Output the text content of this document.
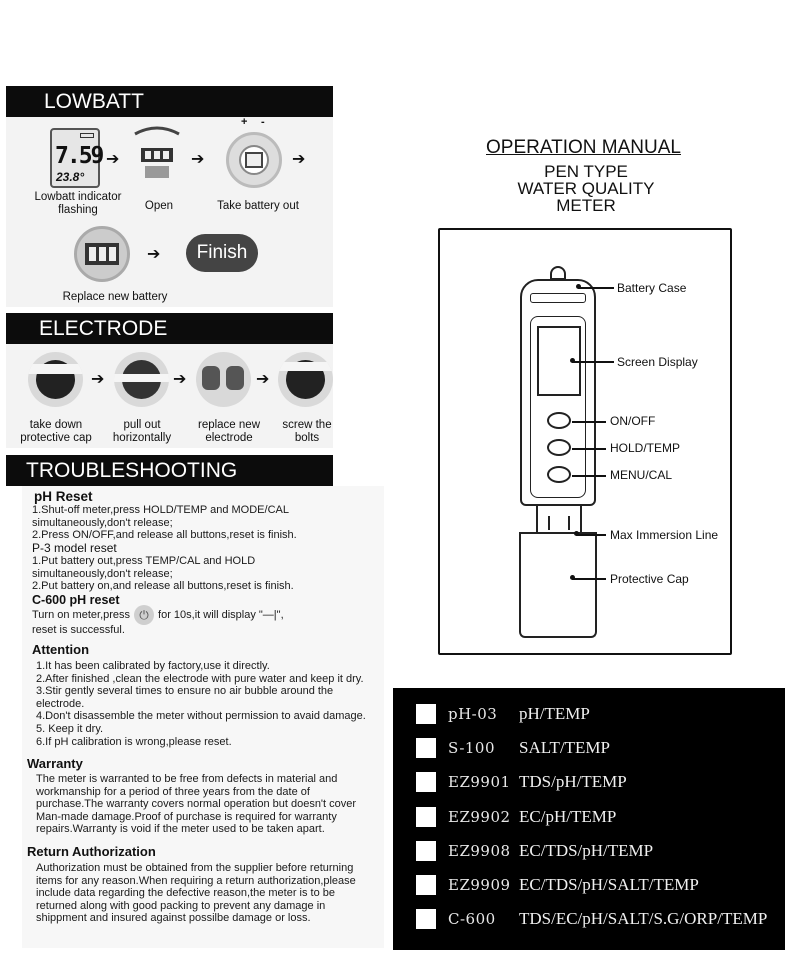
LOWBATT
7.59
23.8°
➔	➔
+ -
➔
Lowbatt indicator
flashing	Open	Take battery out
➔	Finish
Replace new battery
ELECTRODE
➔	➔	➔
take down
protective cap
pull out
horizontally
replace new
electrode
screw the
bolts
TROUBLESHOOTING
pH Reset
1.Shut-off meter,press HOLD/TEMP and MODE/CAL
simultaneously,don't release;
2.Press ON/OFF,and release all buttons,reset is finish.
P-3 model reset
1.Put battery out,press TEMP/CAL and HOLD
simultaneously,don't release;
2.Put battery on,and release all buttons,reset is finish.
C-600 pH reset
Turn on meter,press ⏻ for 10s,it will display "—|",
reset is successful.
Attention
1.It has been calibrated by factory,use it directly.
2.After finished ,clean the electrode with pure water and keep it dry.
3.Stir gently several times to ensure no air bubble around the
electrode.
4.Don't disassemble the meter without permission to avaid damage.
5. Keep it dry.
6.If pH calibration is wrong,please reset.
Warranty
The meter is warranted to be free from defects in material and
workmanship for a period of three years from the date of
purchase.The warranty covers normal operation but doesn't cover
Man-made damage.Proof of purchase is required for warranty
repairs.Warranty is void if the meter used to be taken apart.
Return Authorization
Authorization must be obtained from the supplier before returning
items for any reason.When requiring a return authorization,please
include data regarding the defective reason,the meter is to be
returned along with good packing to prevent any damage in
shippment and insured against possilbe damage or loss.
OPERATION MANUAL
PEN TYPE
WATER QUALITY
METER
Battery Case
Screen Display
ON/OFF
HOLD/TEMP
MENU/CAL
Max Immersion Line
Protective Cap
pH-03 pH/TEMP
S-100 SALT/TEMP
EZ9901 TDS/pH/TEMP
EZ9902 EC/pH/TEMP
EZ9908 EC/TDS/pH/TEMP
EZ9909 EC/TDS/pH/SALT/TEMP
C-600 TDS/EC/pH/SALT/S.G/ORP/TEMP
